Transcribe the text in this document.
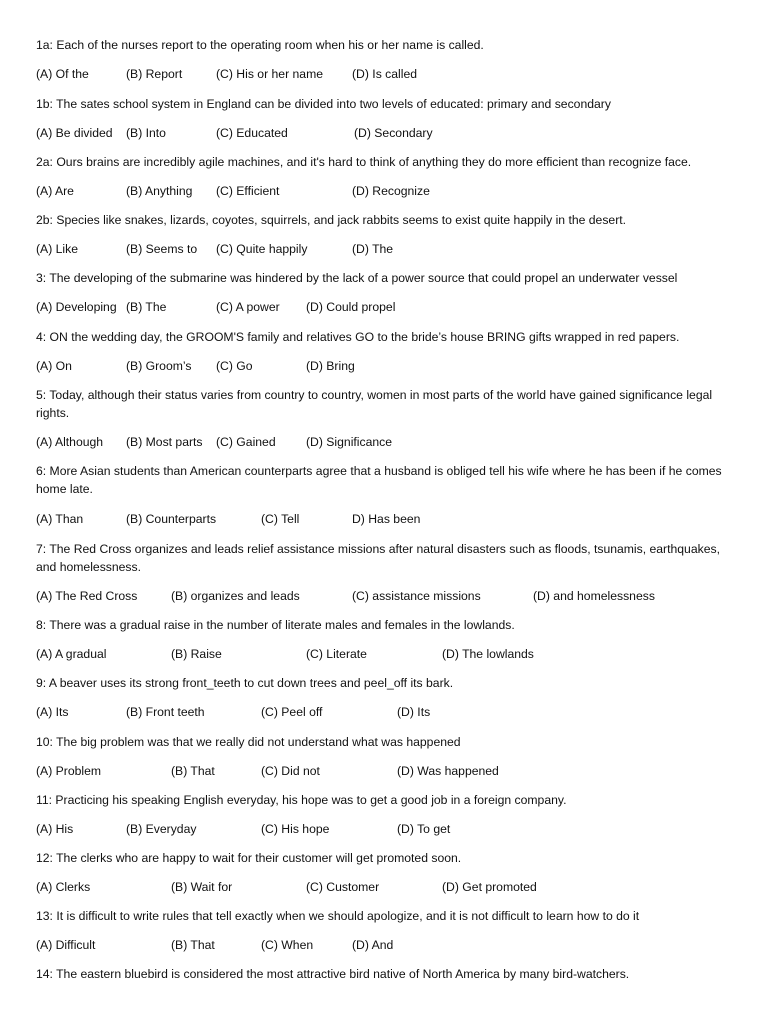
1a: Each of the nurses report to the operating room when his or her name is called.
(A) Of the	(B) Report	(C) His or her name (D) Is called
1b: The sates school system in England can be divided into two levels of educated: primary and secondary
(A) Be divided (B) Into	(C) Educated	(D) Secondary
2a: Ours brains are incredibly agile machines, and it's hard to think of anything they do more efficient than recognize face.
(A) Are	(B) Anything (C) Efficient	(D) Recognize
2b: Species like snakes, lizards, coyotes, squirrels, and jack rabbits seems to exist quite happily in the desert.
(A) Like	(B) Seems to (C) Quite happily	(D) The
3: The developing of the submarine was hindered by the lack of a power source that could propel an underwater vessel
(A) Developing (B) The	(C) A power (D) Could propel
4: ON the wedding day, the GROOM'S family and relatives GO to the bride’s house BRING gifts wrapped in red papers.
(A) On	(B) Groom’s (C) Go	(D) Bring
5: Today, although their status varies from country to country, women in most parts of the world have gained significance legal rights.
(A) Although (B) Most parts (C) Gained (D) Significance
6: More Asian students than American counterparts agree that a husband is obliged tell his wife where he has been if he comes home late.
(A) Than	(B) Counterparts	(C) Tell	D) Has been
7: The Red Cross organizes and leads relief assistance missions after natural disasters such as floods, tsunamis, earthquakes, and homelessness.
(A) The Red Cross	(B) organizes and leads	(C) assistance missions	(D) and homelessness
8: There was a gradual raise in the number of literate males and females in the lowlands.
(A) A gradual	(B) Raise	(C) Literate	(D) The lowlands
9: A beaver uses its strong front_teeth to cut down trees and peel_off its bark.
(A) Its	(B) Front teeth	(C) Peel off	(D) Its
10: The big problem was that we really did not understand what was happened
(A) Problem	(B) That	(C) Did not	(D) Was happened
11: Practicing his speaking English everyday, his hope was to get a good job in a foreign company.
(A) His	(B) Everyday	(C) His hope	(D) To get
12: The clerks who are happy to wait for their customer will get promoted soon.
(A) Clerks	(B) Wait for	(C) Customer	(D) Get promoted
13: It is difficult to write rules that tell exactly when we should apologize, and it is not difficult to learn how to do it
(A) Difficult	(B) That	(C) When	(D) And
14: The eastern bluebird is considered the most attractive bird native of North America by many bird-watchers.
